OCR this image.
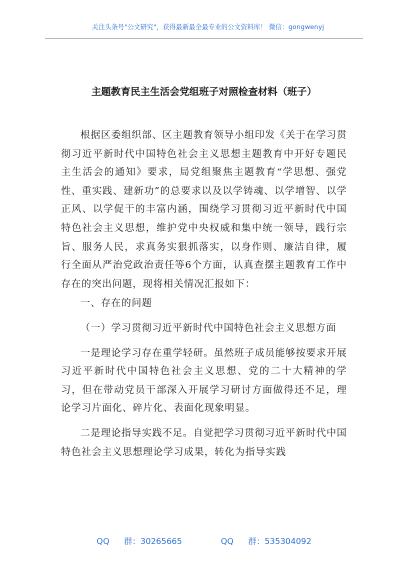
关注头条号"公文研究"，获得最新最全最专业的公文资料库！ 微信：gongwenyj
主题教育民主生活会党组班子对照检查材料（班子）

根据区委组织部、区主题教育领导小组印发《关于在学习贯彻习近平新时代中国特色社会主义思想主题教育中开好专题民主生活会的通知》要求，局党组聚焦主题教育“学思想、强党性、重实践、建新功”的总要求以及以学铸魂、以学增智、以学正风、以学促干的丰富内涵，围绕学习贯彻习近平新时代中国特色社会主义思想，维护党中央权威和集中统一领导，践行宗旨、服务人民，求真务实狠抓落实，以身作则、廉洁自律，履行全面从严治党政治责任等6个方面，认真查摆主题教育工作中存在的突出问题，现将相关情况汇报如下：

一、存在的问题

（一）学习贯彻习近平新时代中国特色社会主义思想方面

一是理论学习存在重学轻研。虽然班子成员能够按要求开展习近平新时代中国特色社会主义思想、党的二十大精神的学习，但在带动党员干部深入开展学习研讨方面做得还不足，理论学习片面化、碎片化、表面化现象明显。

二是理论指导实践不足。自觉把学习贯彻习近平新时代中国特色社会主义思想理论学习成果，转化为指导实践

QQ 群：30265665	QQ 群：535304092
